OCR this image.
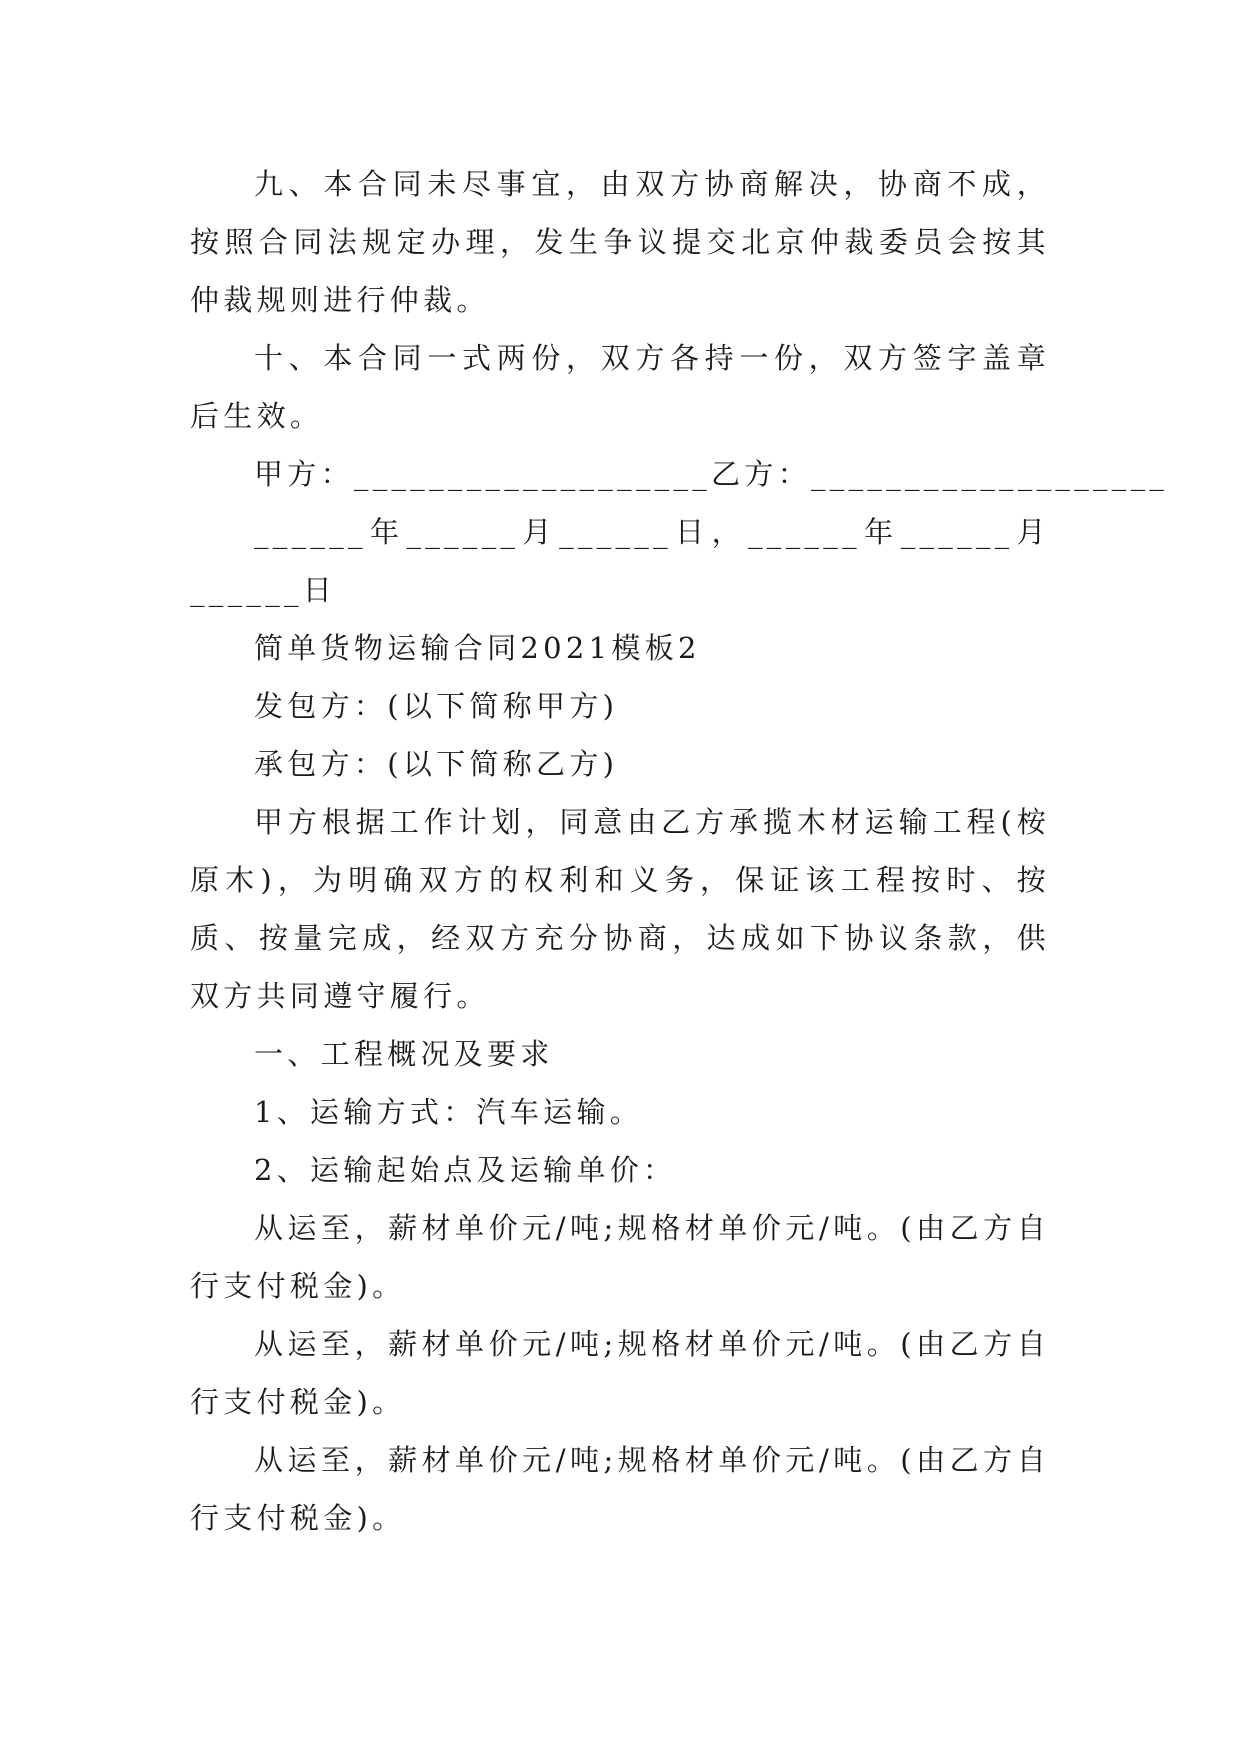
九、本合同未尽事宜，由双方协商解决，协商不成，按照合同法规定办理，发生争议提交北京仲裁委员会按其仲裁规则进行仲裁。

十、本合同一式两份，双方各持一份，双方签字盖章后生效。

甲方：___________________乙方：___________________

______年______月______日，______年______月______日

简单货物运输合同2021模板2

发包方：(以下简称甲方)

承包方：(以下简称乙方)

甲方根据工作计划，同意由乙方承揽木材运输工程(桉原木)，为明确双方的权利和义务，保证该工程按时、按质、按量完成，经双方充分协商，达成如下协议条款，供双方共同遵守履行。

一、工程概况及要求

1、运输方式：汽车运输。

2、运输起始点及运输单价：

从运至，薪材单价元/吨;规格材单价元/吨。(由乙方自行支付税金)。

从运至，薪材单价元/吨;规格材单价元/吨。(由乙方自行支付税金)。

从运至，薪材单价元/吨;规格材单价元/吨。(由乙方自行支付税金)。
